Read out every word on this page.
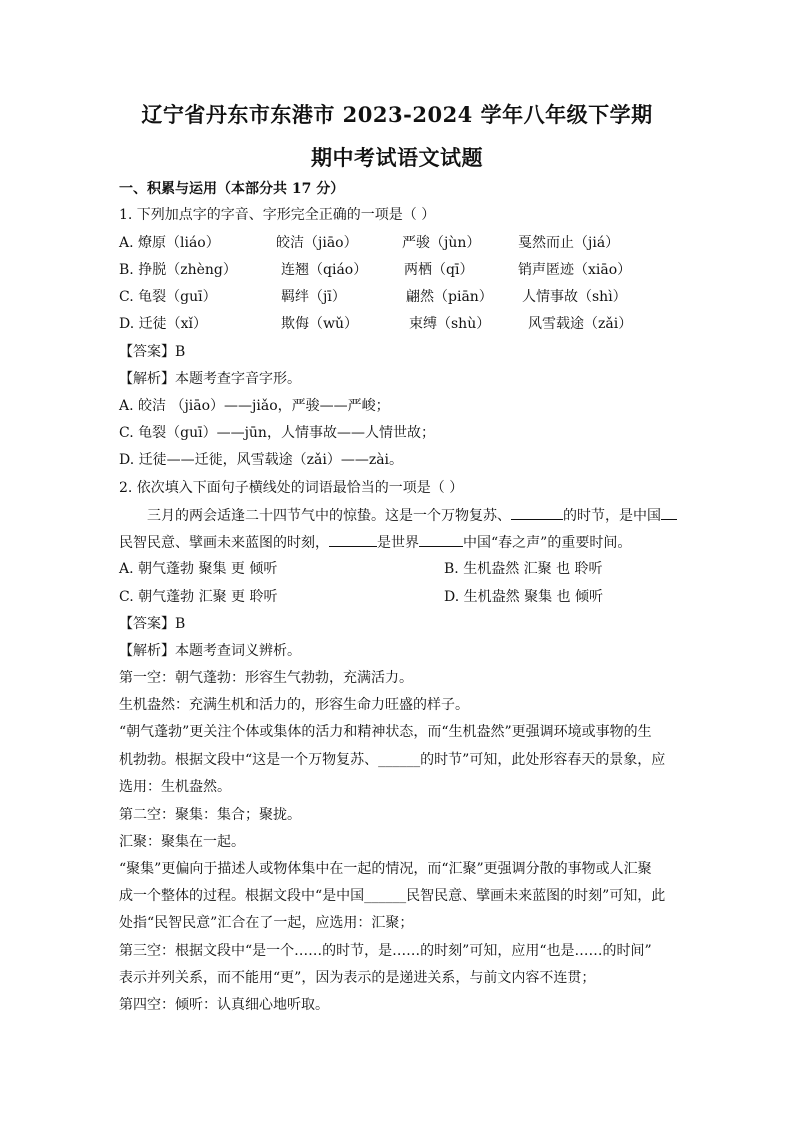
辽宁省丹东市东港市 2023-2024 学年八年级下学期
期中考试语文试题
一、积累与运用（本部分共 17 分）
1. 下列加点字的字音、字形完全正确的一项是（ ）
A. 燎原（liáo）	皎洁（jiāo）	严骏（jùn）	戛然而止（jiá）
B. 挣脱（zhèng）	连翘（qiáo）	两栖（qī）	销声匿迹（xiāo）
C. 龟裂（guī）	羁绊（jī）	翩然（piān） 人情事故（shì）
D. 迁徒（xǐ）	欺侮（wǔ）	束缚（shù）	风雪载途（zǎi）
【答案】B
【解析】本题考查字音字形。
A. 皎洁 （jiāo）——jiǎo，严骏——严峻；
C. 龟裂（guī）——jūn，人情事故——人情世故；
D. 迁徒——迁徙，风雪载途（zǎi）——zài。
2. 依次填入下面句子横线处的词语最恰当的一项是（ ）
三月的两会适逢二十四节气中的惊蛰。这是一个万物复苏、	的时节，是中国
民智民意、擘画未来蓝图的时刻，	是世界	中国“春之声”的重要时间。
A. 朝气蓬勃 聚集 更 倾听	B. 生机盎然 汇聚 也 聆听
C. 朝气蓬勃 汇聚 更 聆听	D. 生机盎然 聚集 也 倾听
【答案】B
【解析】本题考查词义辨析。
第一空：朝气蓬勃：形容生气勃勃，充满活力。
生机盎然：充满生机和活力的，形容生命力旺盛的样子。
“朝气蓬勃”更关注个体或集体的活力和精神状态，而“生机盎然”更强调环境或事物的生
机勃勃。根据文段中“这是一个万物复苏、______的时节”可知，此处形容春天的景象，应
选用：生机盎然。
第二空：聚集：集合；聚拢。
汇聚：聚集在一起。
“聚集”更偏向于描述人或物体集中在一起的情况，而“汇聚”更强调分散的事物或人汇聚
成一个整体的过程。根据文段中“是中国______民智民意、擘画未来蓝图的时刻”可知，此
处指“民智民意”汇合在了一起，应选用：汇聚；
第三空：根据文段中“是一个……的时节，是……的时刻”可知，应用“也是……的时间”
表示并列关系，而不能用“更”，因为表示的是递进关系，与前文内容不连贯；
第四空：倾听：认真细心地听取。
